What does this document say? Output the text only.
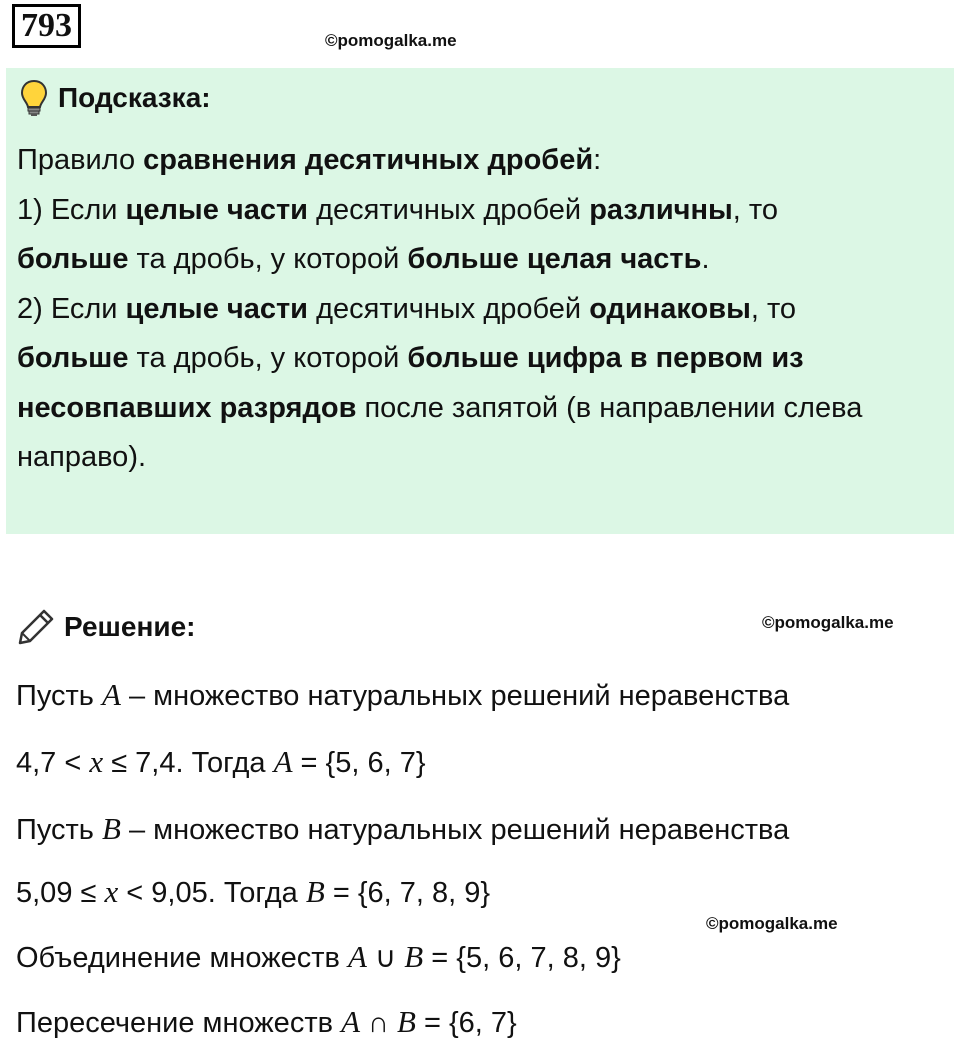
793	©pomogalka.me
Подсказка:

Правило сравнения десятичных дробей:

1) Если целые части десятичных дробей различны, то
больше та дробь, у которой больше целая часть.

2) Если целые части десятичных дробей одинаковы, то
больше та дробь, у которой больше цифра в первом из несовпавших разрядов после запятой (в направлении слева направо).

Решение:	©pomogalka.me
Пусть A – множество натуральных решений неравенства
4,7 < x ≤ 7,4. Тогда A = {5, 6, 7}
Пусть B – множество натуральных решений неравенства
5,09 ≤ x < 9,05. Тогда B = {6, 7, 8, 9}
©pomogalka.me
Объединение множеств A ∪ B = {5, 6, 7, 8, 9}
Пересечение множеств A ∩ B = {6, 7}
